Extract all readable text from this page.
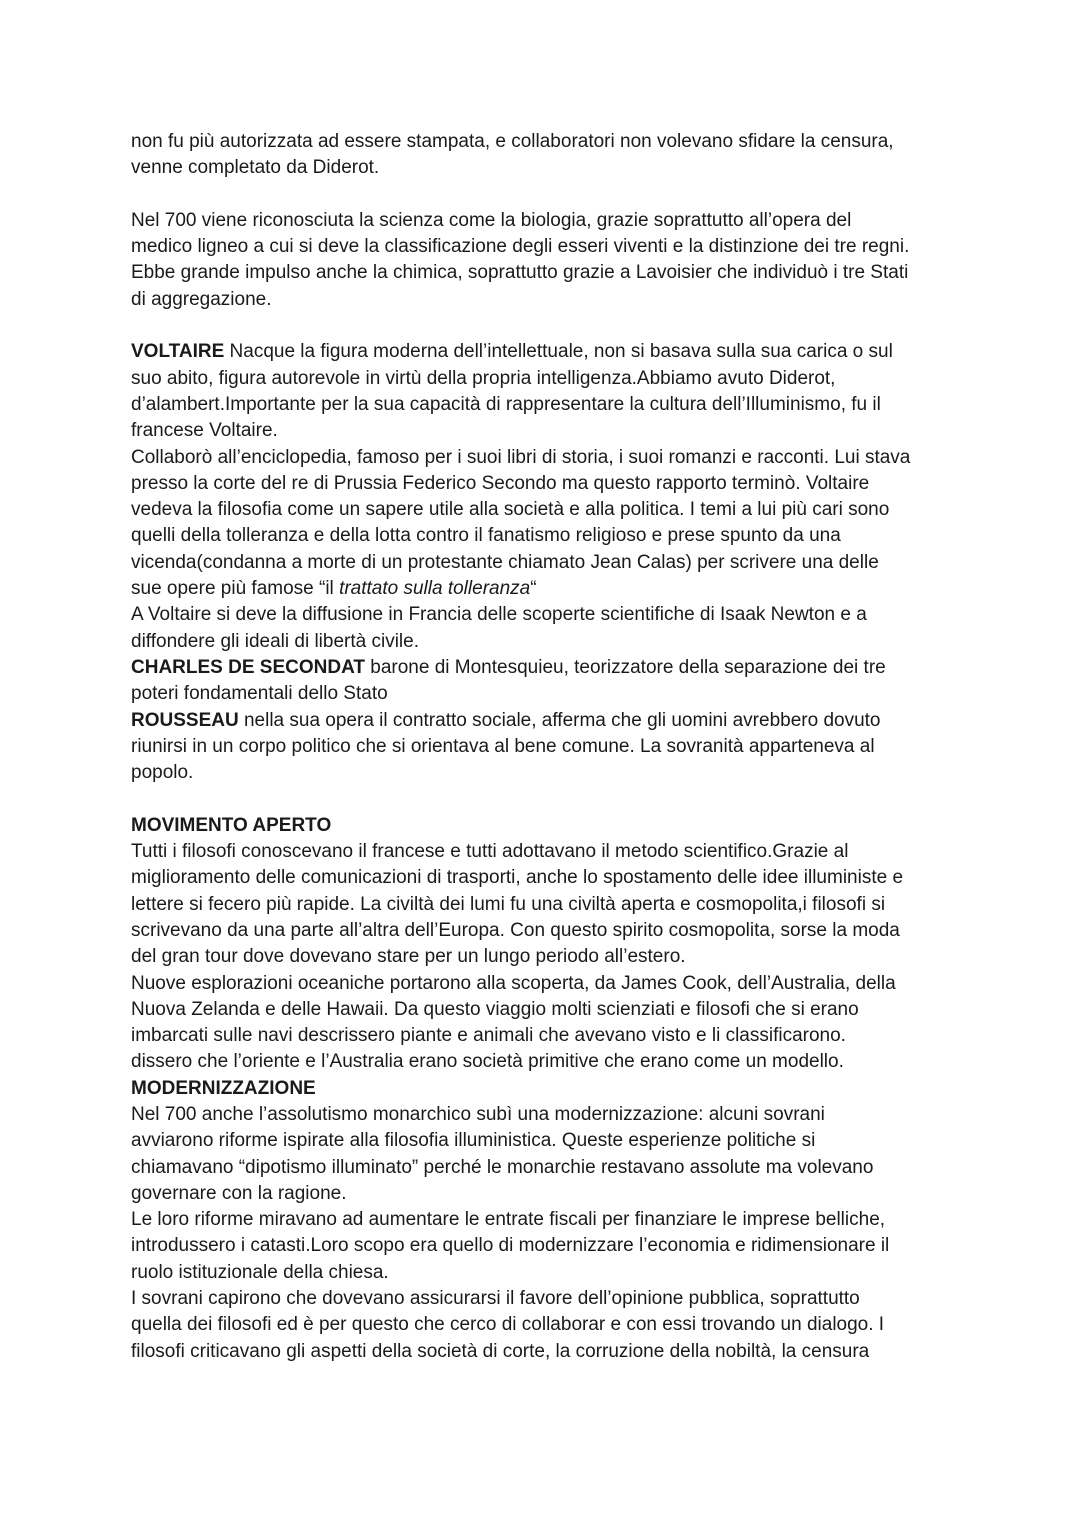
non fu più autorizzata ad essere stampata, e collaboratori non volevano sfidare la censura,
venne completato da Diderot.
Nel 700 viene riconosciuta la scienza come la biologia, grazie soprattutto all’opera del
medico ligneo a cui si deve la classificazione degli esseri viventi e la distinzione dei tre regni.
Ebbe grande impulso anche la chimica, soprattutto grazie a Lavoisier che individuò i tre Stati
di aggregazione.
VOLTAIRE Nacque la figura moderna dell’intellettuale, non si basava sulla sua carica o sul
suo abito, figura autorevole in virtù della propria intelligenza.Abbiamo avuto Diderot,
d’alambert.Importante per la sua capacità di rappresentare la cultura dell’Illuminismo, fu il
francese Voltaire.
Collaborò all’enciclopedia, famoso per i suoi libri di storia, i suoi romanzi e racconti. Lui stava
presso la corte del re di Prussia Federico Secondo ma questo rapporto terminò. Voltaire
vedeva la filosofia come un sapere utile alla società e alla politica. I temi a lui più cari sono
quelli della tolleranza e della lotta contro il fanatismo religioso e prese spunto da una
vicenda(condanna a morte di un protestante chiamato Jean Calas) per scrivere una delle
sue opere più famose “il trattato sulla tolleranza“
A Voltaire si deve la diffusione in Francia delle scoperte scientifiche di Isaak Newton e a
diffondere gli ideali di libertà civile.
CHARLES DE SECONDAT barone di Montesquieu, teorizzatore della separazione dei tre
poteri fondamentali dello Stato
ROUSSEAU nella sua opera il contratto sociale, afferma che gli uomini avrebbero dovuto
riunirsi in un corpo politico che si orientava al bene comune. La sovranità apparteneva al
popolo.
MOVIMENTO APERTO
Tutti i filosofi conoscevano il francese e tutti adottavano il metodo scientifico.Grazie al
miglioramento delle comunicazioni di trasporti, anche lo spostamento delle idee illuministe e
lettere si fecero più rapide. La civiltà dei lumi fu una civiltà aperta e cosmopolita,i filosofi si
scrivevano da una parte all’altra dell’Europa. Con questo spirito cosmopolita, sorse la moda
del gran tour dove dovevano stare per un lungo periodo all’estero.
Nuove esplorazioni oceaniche portarono alla scoperta, da James Cook, dell’Australia, della
Nuova Zelanda e delle Hawaii. Da questo viaggio molti scienziati e filosofi che si erano
imbarcati sulle navi descrissero piante e animali che avevano visto e li classificarono.
dissero che l’oriente e l’Australia erano società primitive che erano come un modello.
MODERNIZZAZIONE
Nel 700 anche l’assolutismo monarchico subì una modernizzazione: alcuni sovrani
avviarono riforme ispirate alla filosofia illuministica. Queste esperienze politiche si
chiamavano “dipotismo illuminato” perché le monarchie restavano assolute ma volevano
governare con la ragione.
Le loro riforme miravano ad aumentare le entrate fiscali per finanziare le imprese belliche,
introdussero i catasti.Loro scopo era quello di modernizzare l’economia e ridimensionare il
ruolo istituzionale della chiesa.
I sovrani capirono che dovevano assicurarsi il favore dell’opinione pubblica, soprattutto
quella dei filosofi ed è per questo che cerco di collaborar e con essi trovando un dialogo. I
filosofi criticavano gli aspetti della società di corte, la corruzione della nobiltà, la censura
